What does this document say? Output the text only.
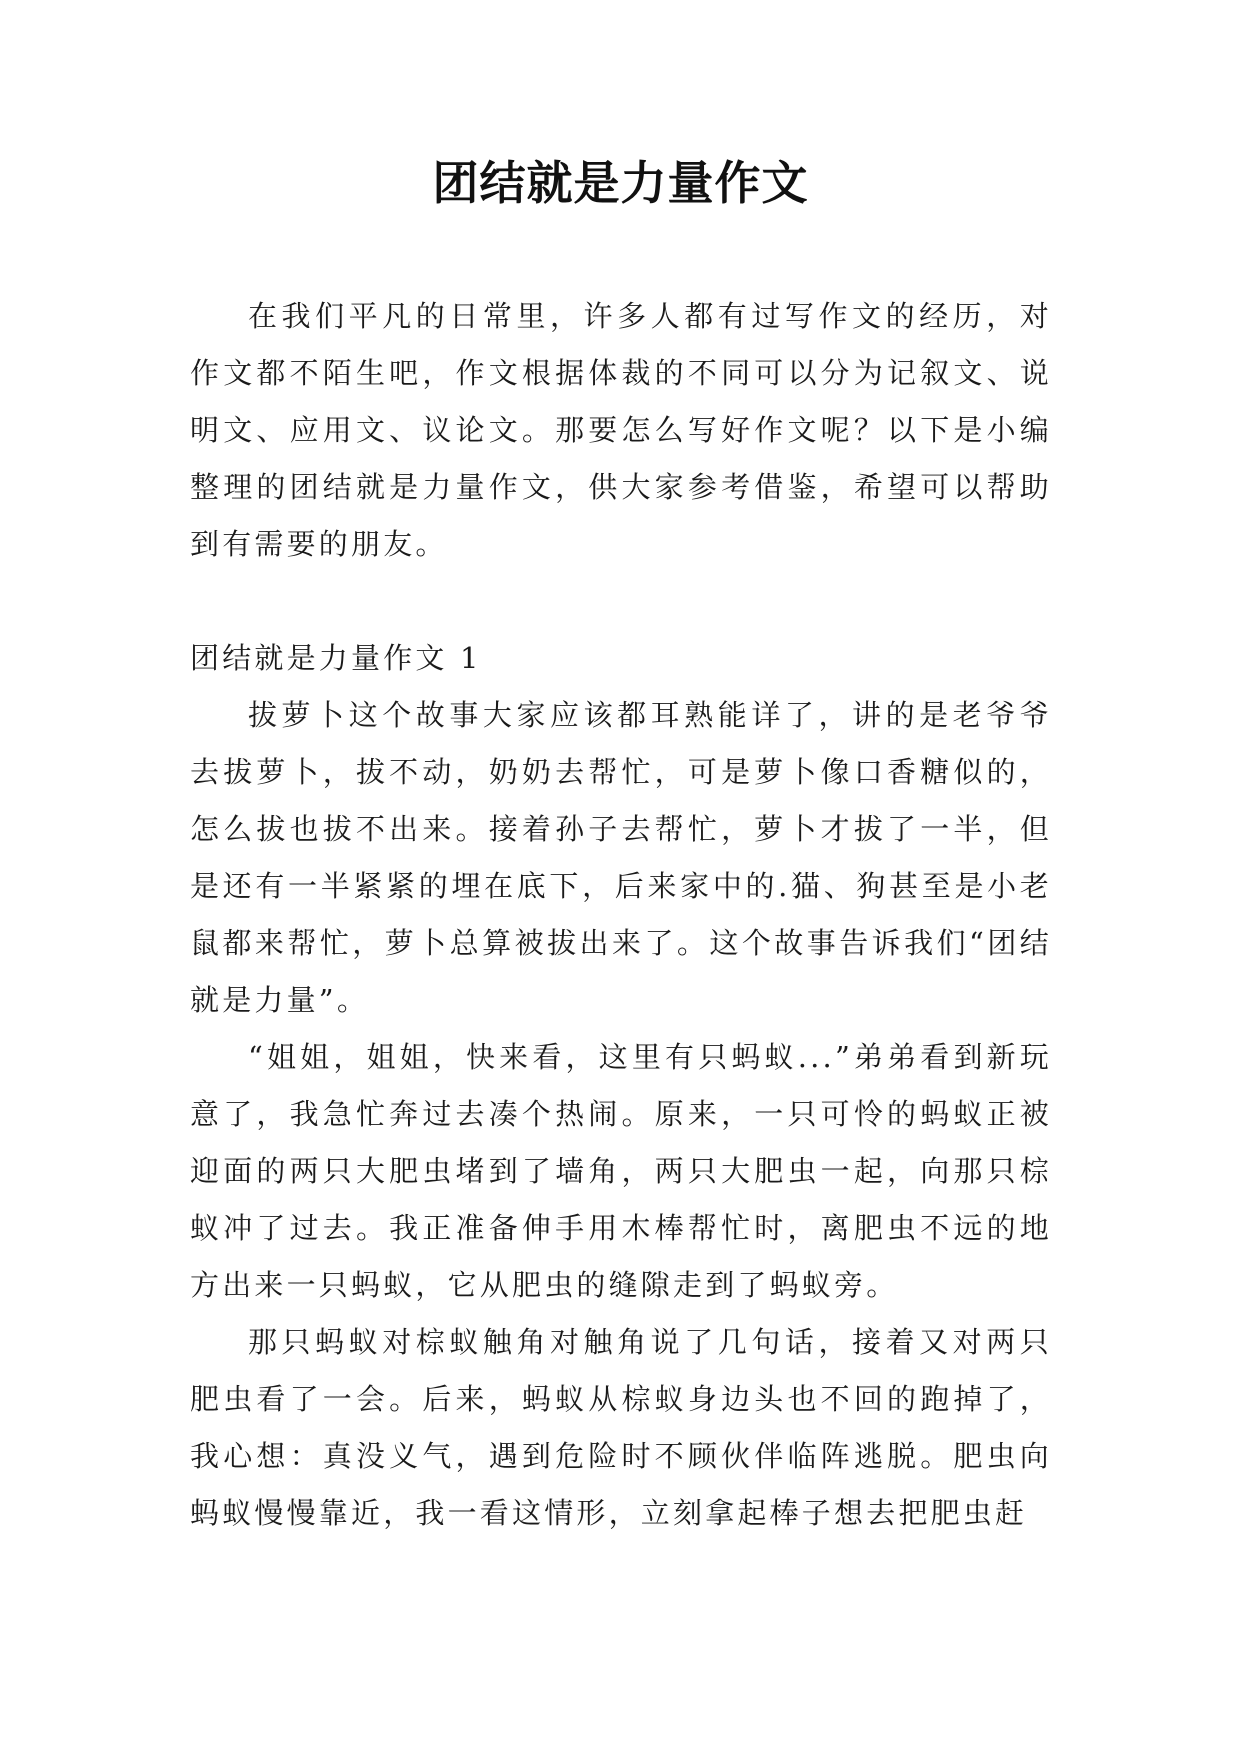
团结就是力量作文

在我们平凡的日常里，许多人都有过写作文的经历，对作文都不陌生吧，作文根据体裁的不同可以分为记叙文、说明文、应用文、议论文。那要怎么写好作文呢？以下是小编整理的团结就是力量作文，供大家参考借鉴，希望可以帮助到有需要的朋友。

团结就是力量作文 1

拔萝卜这个故事大家应该都耳熟能详了，讲的是老爷爷去拔萝卜，拔不动，奶奶去帮忙，可是萝卜像口香糖似的，怎么拔也拔不出来。接着孙子去帮忙，萝卜才拔了一半，但是还有一半紧紧的埋在底下，后来家中的.猫、狗甚至是小老鼠都来帮忙，萝卜总算被拔出来了。这个故事告诉我们“团结就是力量”。

“姐姐，姐姐，快来看，这里有只蚂蚁...”弟弟看到新玩意了，我急忙奔过去凑个热闹。原来，一只可怜的蚂蚁正被迎面的两只大肥虫堵到了墙角，两只大肥虫一起，向那只棕蚁冲了过去。我正准备伸手用木棒帮忙时，离肥虫不远的地方出来一只蚂蚁，它从肥虫的缝隙走到了蚂蚁旁。

那只蚂蚁对棕蚁触角对触角说了几句话，接着又对两只肥虫看了一会。后来，蚂蚁从棕蚁身边头也不回的跑掉了，我心想：真没义气，遇到危险时不顾伙伴临阵逃脱。肥虫向蚂蚁慢慢靠近，我一看这情形，立刻拿起棒子想去把肥虫赶
